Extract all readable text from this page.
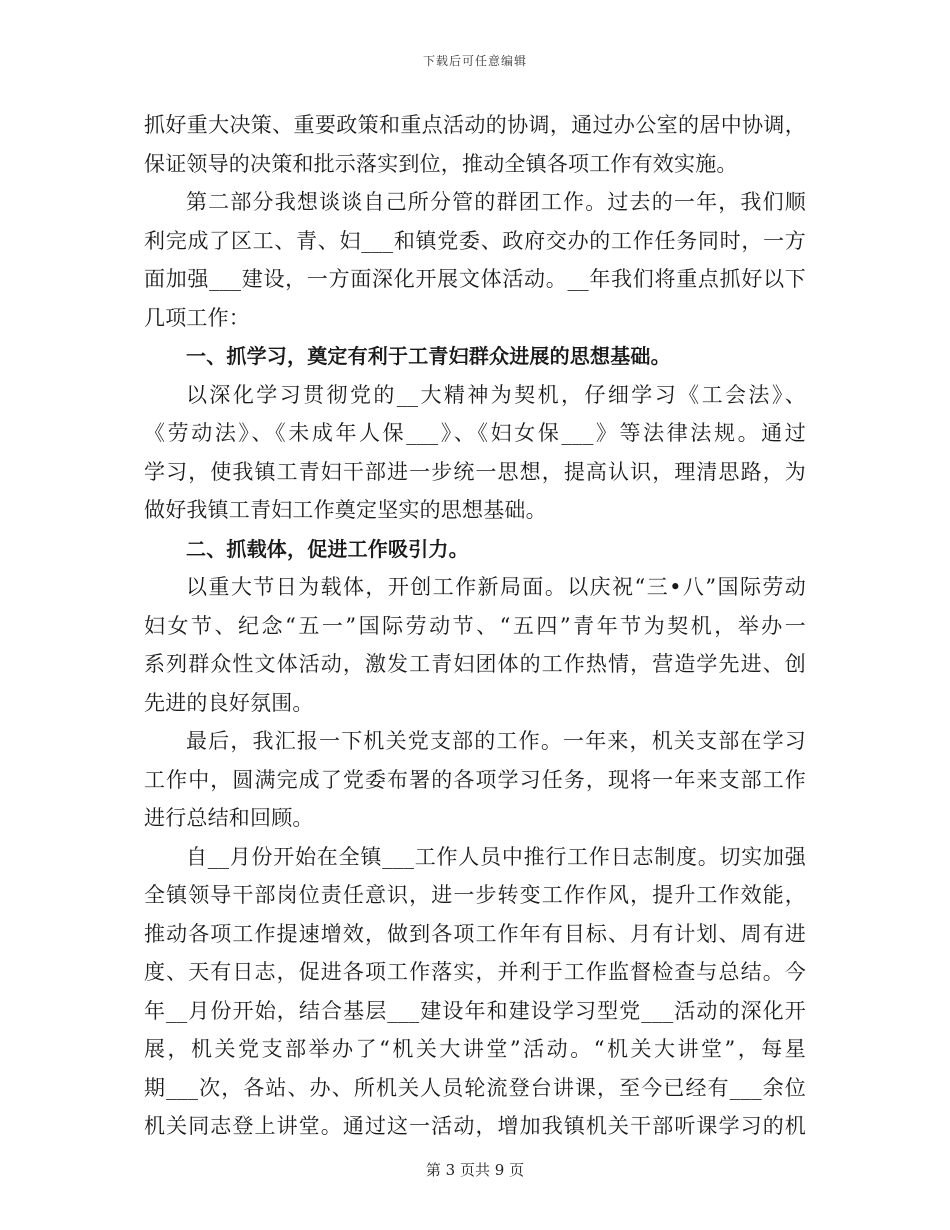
下载后可任意编辑
抓好重大决策、重要政策和重点活动的协调，通过办公室的居中协调，
保证领导的决策和批示落实到位，推动全镇各项工作有效实施。
第二部分我想谈谈自己所分管的群团工作。过去的一年，我们顺
利完成了区工、青、妇___和镇党委、政府交办的工作任务同时，一方
面加强___建设，一方面深化开展文体活动。__年我们将重点抓好以下
几项工作：
一、抓学习，奠定有利于工青妇群众进展的思想基础。
以深化学习贯彻党的__大精神为契机，仔细学习《工会法》、
《劳动法》、《未成年人保___》、《妇女保___》等法律法规。通过
学习，使我镇工青妇干部进一步统一思想，提高认识，理清思路，为
做好我镇工青妇工作奠定坚实的思想基础。
二、抓载体，促进工作吸引力。
以重大节日为载体，开创工作新局面。以庆祝“三•八”国际劳动
妇女节、纪念“五一”国际劳动节、“五四”青年节为契机，举办一
系列群众性文体活动，激发工青妇团体的工作热情，营造学先进、创
先进的良好氛围。
最后，我汇报一下机关党支部的工作。一年来，机关支部在学习
工作中，圆满完成了党委布署的各项学习任务，现将一年来支部工作
进行总结和回顾。
自__月份开始在全镇___工作人员中推行工作日志制度。切实加强
全镇领导干部岗位责任意识，进一步转变工作作风，提升工作效能，
推动各项工作提速增效，做到各项工作年有目标、月有计划、周有进
度、天有日志，促进各项工作落实，并利于工作监督检查与总结。今
年__月份开始，结合基层___建设年和建设学习型党___活动的深化开
展，机关党支部举办了“机关大讲堂”活动。“机关大讲堂”，每星
期___次，各站、办、所机关人员轮流登台讲课，至今已经有___余位
机关同志登上讲堂。通过这一活动，增加我镇机关干部听课学习的机
第 3 页共 9 页
